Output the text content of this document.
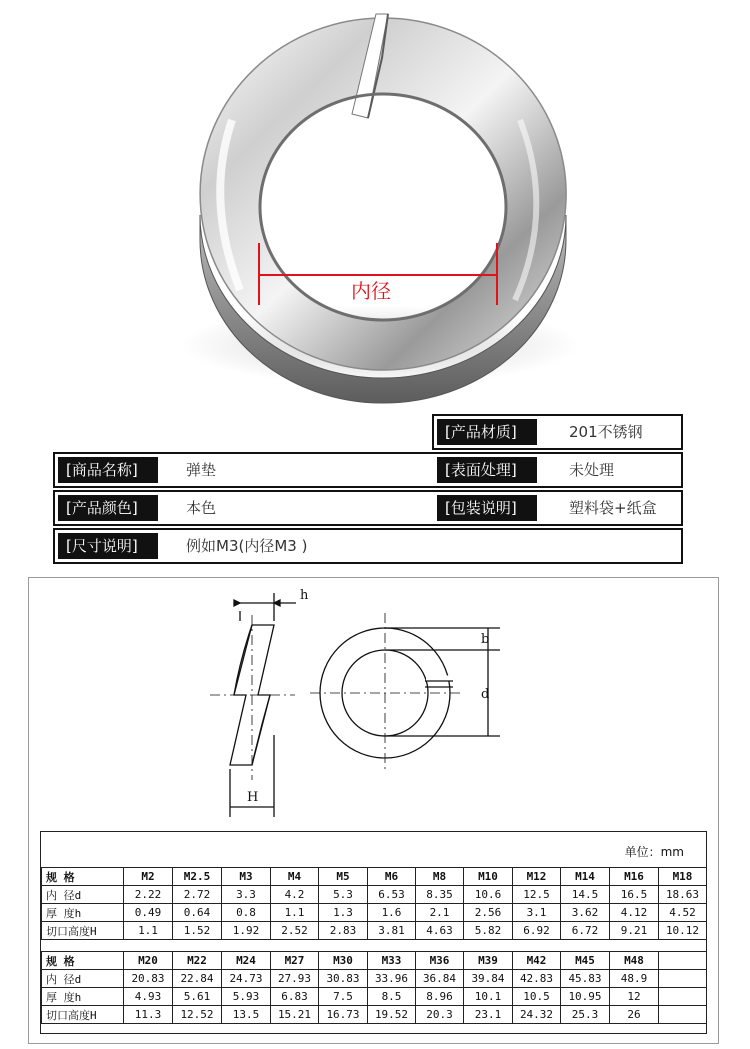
内径
[产品材质]	201不锈钢
[商品名称]	弹垫	[表面处理]	未处理
[产品颜色]	本色	[包装说明]	塑料袋+纸盒
[尺寸说明]	例如M3(内径M3 )
h
H
b
d
单位：mm
规 格	M2	M2.5	M3	M4	M5	M6	M8	M10	M12	M14	M16	M18
内 径d	2.22	2.72	3.3	4.2	5.3	6.53	8.35	10.6	12.5	14.5	16.5	18.63
厚 度h	0.49	0.64	0.8	1.1	1.3	1.6	2.1	2.56	3.1	3.62	4.12	4.52
切口高度H	1.1	1.52	1.92	2.52	2.83	3.81	4.63	5.82	6.92	6.72	9.21	10.12
规 格	M20	M22	M24	M27	M30	M33	M36	M39	M42	M45	M48	
内 径d	20.83	22.84	24.73	27.93	30.83	33.96	36.84	39.84	42.83	45.83	48.9	
厚 度h	4.93	5.61	5.93	6.83	7.5	8.5	8.96	10.1	10.5	10.95	12	
切口高度H	11.3	12.52	13.5	15.21	16.73	19.52	20.3	23.1	24.32	25.3	26	
